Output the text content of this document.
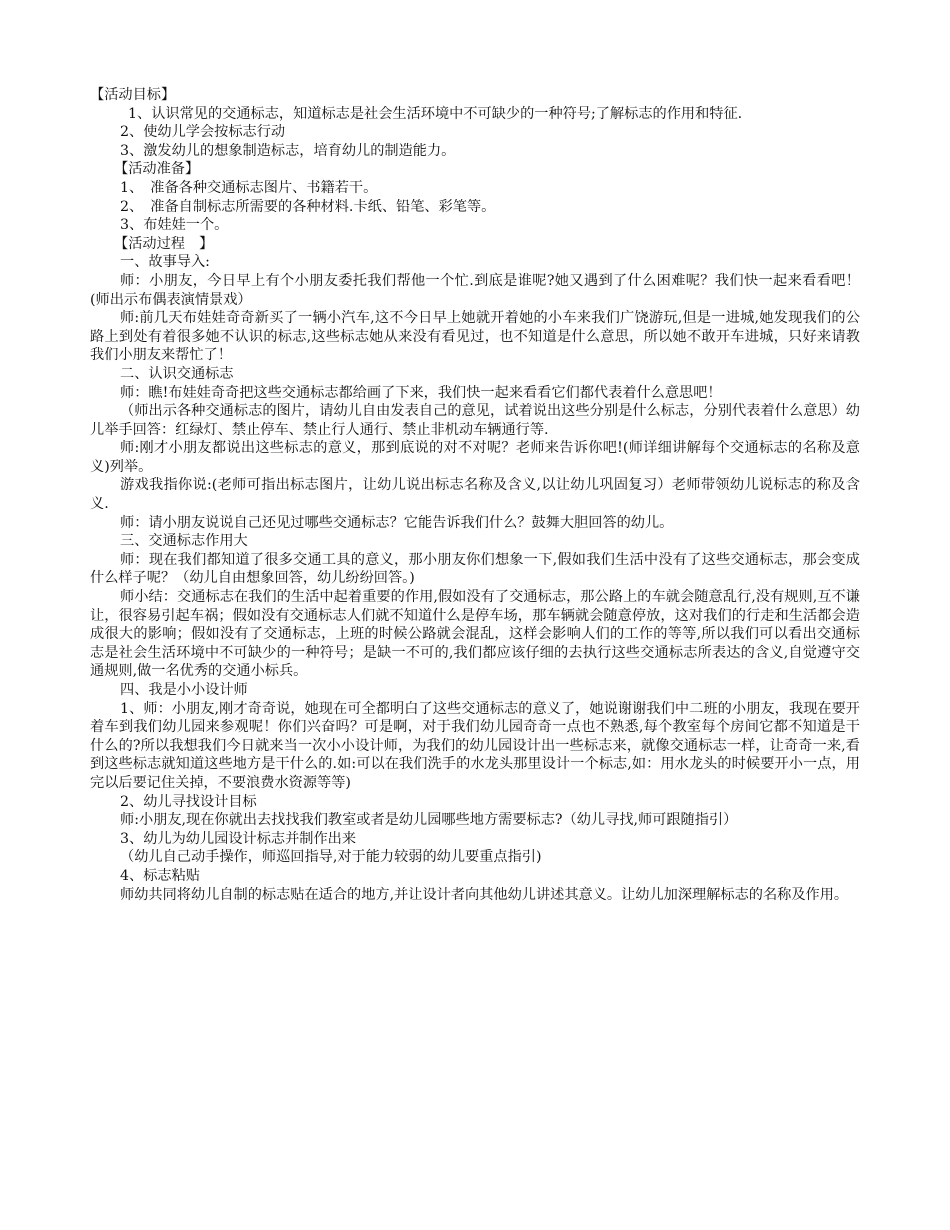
【活动目标】

1、认识常见的交通标志，知道标志是社会生活环境中不可缺少的一种符号;了解标志的作用和特征.

2、使幼儿学会按标志行动

3、激发幼儿的想象制造标志，培育幼儿的制造能力。

【活动准备】

1、　准备各种交通标志图片、书籍若干。

2、　准备自制标志所需要的各种材料.卡纸、铅笔、彩笔等。

3、布娃娃一个。

【活动过程　】

一、故事导入:

师：小朋友，今日早上有个小朋友委托我们帮他一个忙.到底是谁呢?她又遇到了什么困难呢？我们快一起来看看吧！(师出示布偶表演情景戏）

师:前几天布娃娃奇奇新买了一辆小汽车,这不今日早上她就开着她的小车来我们广饶游玩,但是一进城,她发现我们的公路上到处有着很多她不认识的标志,这些标志她从来没有看见过，也不知道是什么意思，所以她不敢开车进城，只好来请教我们小朋友来帮忙了！

二、认识交通标志

师：瞧!布娃娃奇奇把这些交通标志都给画了下来，我们快一起来看看它们都代表着什么意思吧！

（师出示各种交通标志的图片，请幼儿自由发表自己的意见，试着说出这些分别是什么标志，分别代表着什么意思）幼儿举手回答：红绿灯、禁止停车、禁止行人通行、禁止非机动车辆通行等.

师:刚才小朋友都说出这些标志的意义，那到底说的对不对呢？老师来告诉你吧!(师详细讲解每个交通标志的名称及意义)列举。

游戏我指你说:(老师可指出标志图片，让幼儿说出标志名称及含义,以让幼儿巩固复习）老师带领幼儿说标志的称及含义.

师：请小朋友说说自己还见过哪些交通标志？它能告诉我们什么？鼓舞大胆回答的幼儿。

三、交通标志作用大

师：现在我们都知道了很多交通工具的意义，那小朋友你们想象一下,假如我们生活中没有了这些交通标志，那会变成什么样子呢？（幼儿自由想象回答，幼儿纷纷回答。)

师小结：交通标志在我们的生活中起着重要的作用,假如没有了交通标志，那公路上的车就会随意乱行,没有规则,互不谦让，很容易引起车祸；假如没有交通标志人们就不知道什么是停车场，那车辆就会随意停放，这对我们的行走和生活都会造成很大的影响；假如没有了交通标志，上班的时候公路就会混乱，这样会影响人们的工作的等等,所以我们可以看出交通标志是社会生活环境中不可缺少的一种符号；是缺一不可的,我们都应该仔细的去执行这些交通标志所表达的含义,自觉遵守交通规则,做一名优秀的交通小标兵。

四、我是小小设计师

1、师：小朋友,刚才奇奇说，她现在可全都明白了这些交通标志的意义了，她说谢谢我们中二班的小朋友，我现在要开着车到我们幼儿园来参观呢！你们兴奋吗？可是啊，对于我们幼儿园奇奇一点也不熟悉,每个教室每个房间它都不知道是干什么的?所以我想我们今日就来当一次小小设计师，为我们的幼儿园设计出一些标志来，就像交通标志一样，让奇奇一来,看到这些标志就知道这些地方是干什么的.如:可以在我们洗手的水龙头那里设计一个标志,如：用水龙头的时候要开小一点，用完以后要记住关掉，不要浪费水资源等等)

2、幼儿寻找设计目标

师:小朋友,现在你就出去找找我们教室或者是幼儿园哪些地方需要标志?（幼儿寻找,师可跟随指引）

3、幼儿为幼儿园设计标志并制作出来

（幼儿自己动手操作，师巡回指导,对于能力较弱的幼儿要重点指引)

4、标志粘贴

师幼共同将幼儿自制的标志贴在适合的地方,并让设计者向其他幼儿讲述其意义。让幼儿加深理解标志的名称及作用。
